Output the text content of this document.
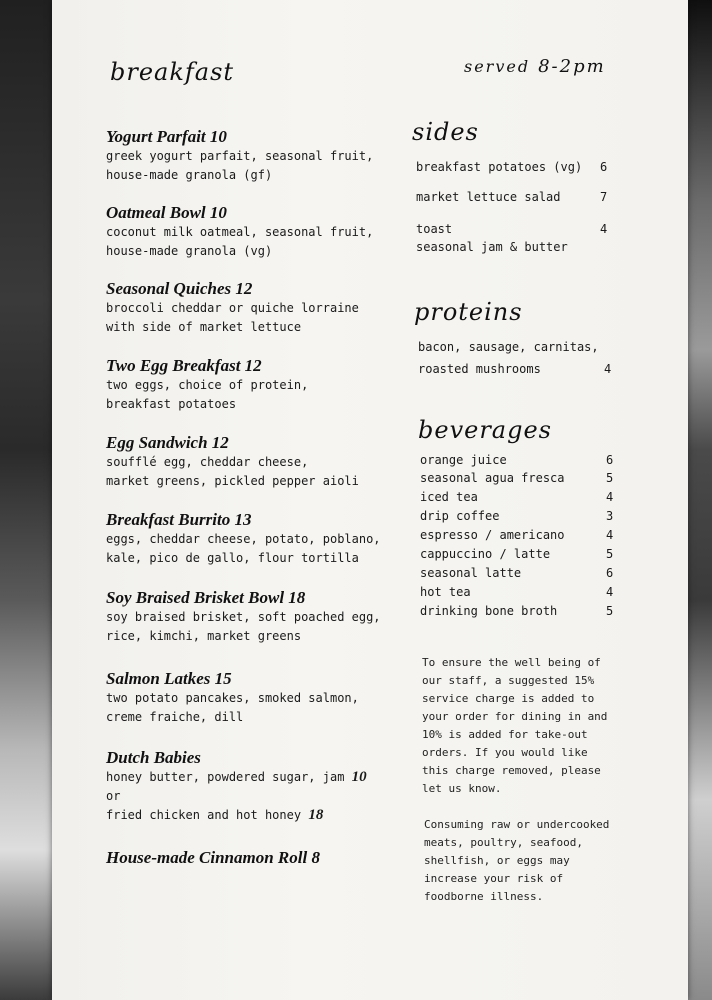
breakfast	served 8-2pm
Yogurt Parfait 10
greek yogurt parfait, seasonal fruit,
house-made granola (gf)
Oatmeal Bowl 10
coconut milk oatmeal, seasonal fruit,
house-made granola (vg)
Seasonal Quiches 12
broccoli cheddar or quiche lorraine
with side of market lettuce
Two Egg Breakfast 12
two eggs, choice of protein,
breakfast potatoes
Egg Sandwich 12
soufflé egg, cheddar cheese,
market greens, pickled pepper aioli
Breakfast Burrito 13
eggs, cheddar cheese, potato, poblano,
kale, pico de gallo, flour tortilla
Soy Braised Brisket Bowl 18
soy braised brisket, soft poached egg,
rice, kimchi, market greens
Salmon Latkes 15
two potato pancakes, smoked salmon,
creme fraiche, dill
Dutch Babies
honey butter, powdered sugar, jam 10
or
fried chicken and hot honey 18
House-made Cinnamon Roll 8
sides
breakfast potatoes (vg) 6
market lettuce salad	7
toast	4
seasonal jam & butter
proteins
bacon, sausage, carnitas,
roasted mushrooms	4
beverages
orange juice	6
seasonal agua fresca	5
iced tea	4
drip coffee	3
espresso / americano	4
cappuccino / latte	5
seasonal latte	6
hot tea	4
drinking bone broth	5
To ensure the well being of
our staff, a suggested 15%
service charge is added to
your order for dining in and
10% is added for take-out
orders. If you would like
this charge removed, please
let us know.
Consuming raw or undercooked
meats, poultry, seafood,
shellfish, or eggs may
increase your risk of
foodborne illness.
